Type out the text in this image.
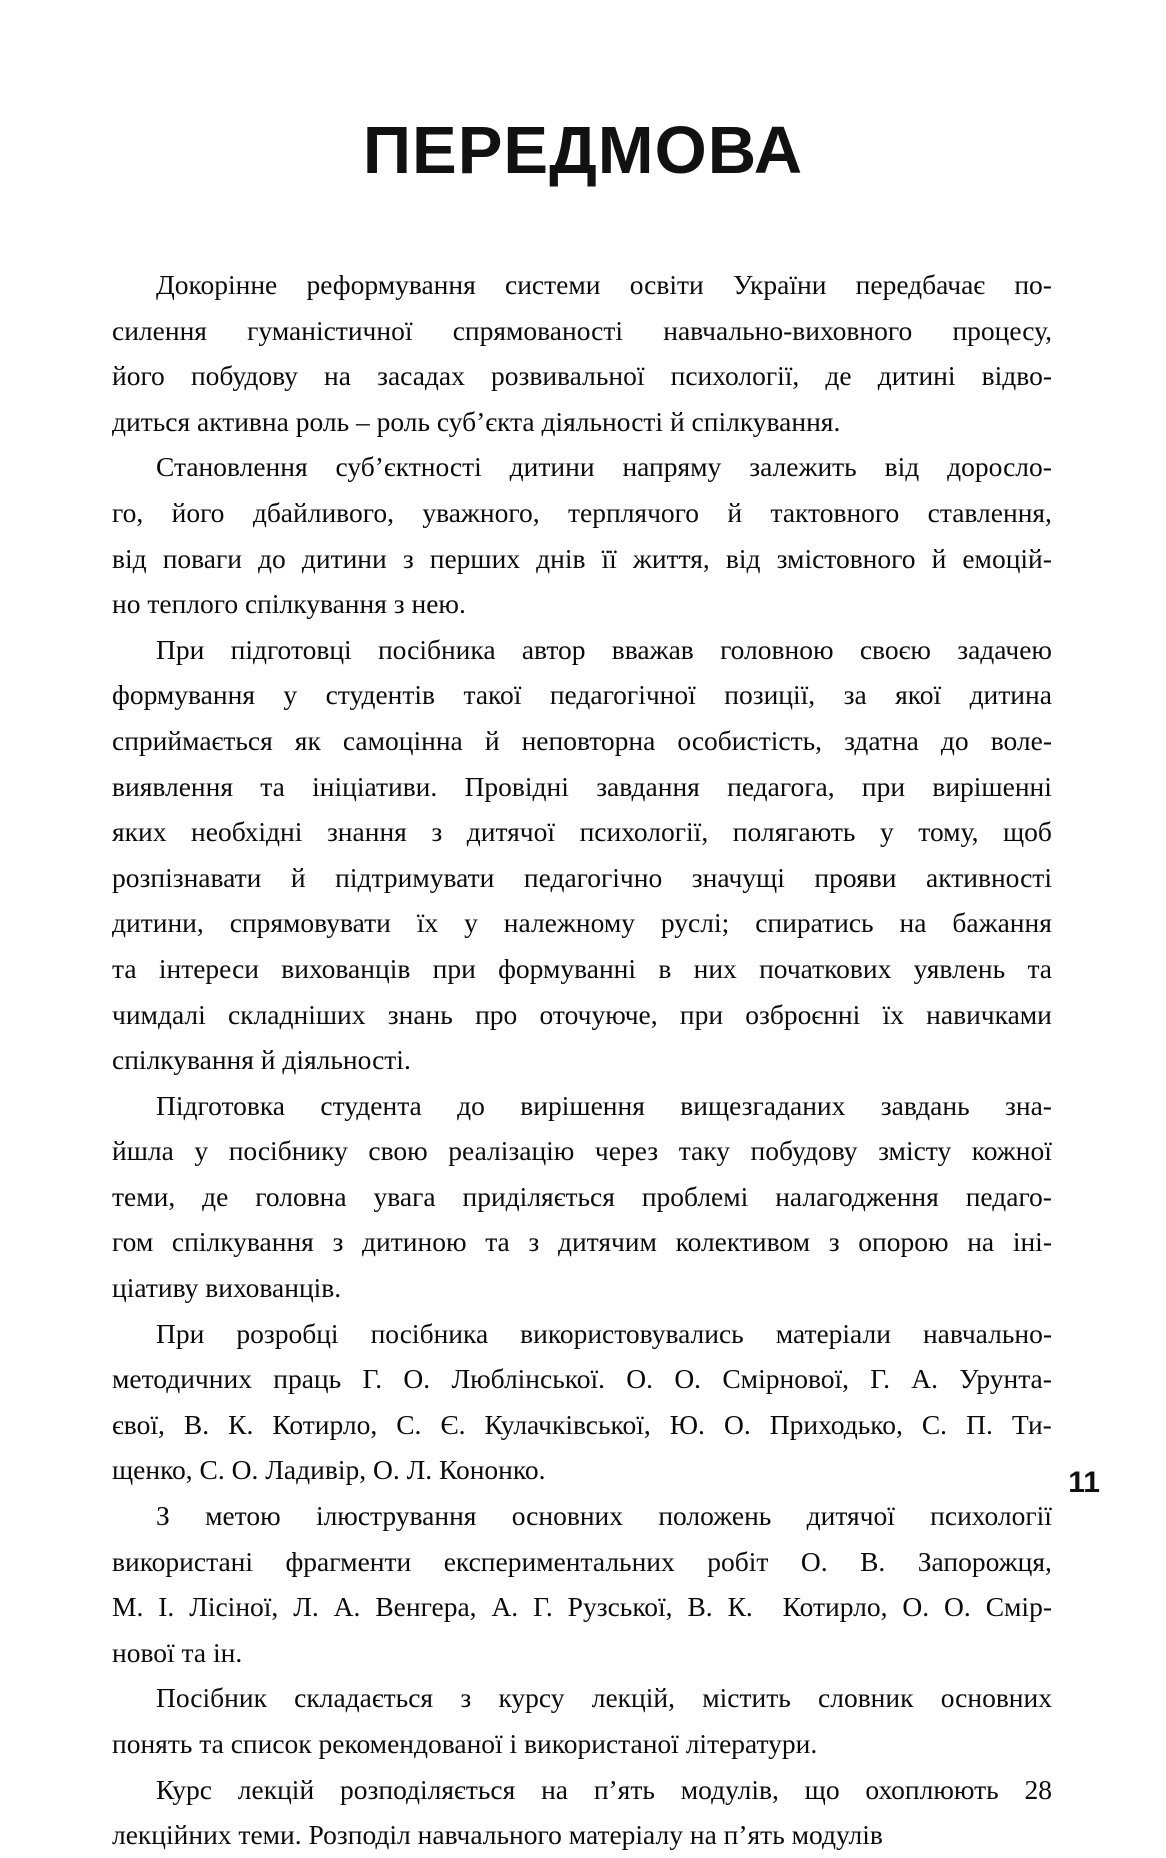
ПЕРЕДМОВА

Докорінне реформування системи освіти України передбачає по-
силення гуманістичної спрямованості навчально-виховного процесу,
його побудову на засадах розвивальної психології, де дитині відво-
диться активна роль – роль суб’єкта діяльності й спілкування.

Становлення суб’єктності дитини напряму залежить від доросло-
го, його дбайливого, уважного, терплячого й тактовного ставлення,
від поваги до дитини з перших днів її життя, від змістовного й емоцій-
но теплого спілкування з нею.

При підготовці посібника автор вважав головною своєю задачею
формування у студентів такої педагогічної позиції, за якої дитина
сприймається як самоцінна й неповторна особистість, здатна до воле-
виявлення та ініціативи. Провідні завдання педагога, при вирішенні
яких необхідні знання з дитячої психології, полягають у тому, щоб
розпізнавати й підтримувати педагогічно значущі прояви активності
дитини, спрямовувати їх у належному руслі; спиратись на бажання
та інтереси вихованців при формуванні в них початкових уявлень та
чимдалі складніших знань про оточуюче, при озброєнні їх навичками
спілкування й діяльності.

Підготовка студента до вирішення вищезгаданих завдань зна-
йшла у посібнику свою реалізацію через таку побудову змісту кожної
теми, де головна увага приділяється проблемі налагодження педаго-
гом спілкування з дитиною та з дитячим колективом з опорою на іні-
ціативу вихованців.

При розробці посібника використовувались матеріали навчально-
методичних праць Г. О. Люблінської. О. О. Смірнової, Г. А. Урунта-
євої, В. К. Котирло, С. Є. Кулачківської, Ю. О. Приходько, С. П. Ти-
щенко, С. О. Ладивір, О. Л. Кононко.

З метою ілюстрування основних положень дитячої психології
використані фрагменти експериментальних робіт О. В. Запорожця,
М. І. Лісіної, Л. А. Венгера, А. Г. Рузської, В. К. Котирло, О. О. Смір-
нової та ін.

Посібник складається з курсу лекцій, містить словник основних
понять та список рекомендованої і використаної літератури.

Курс лекцій розподіляється на п’ять модулів, що охоплюють 28
лекційних теми. Розподіл навчального матеріалу на п’ять модулів

11
